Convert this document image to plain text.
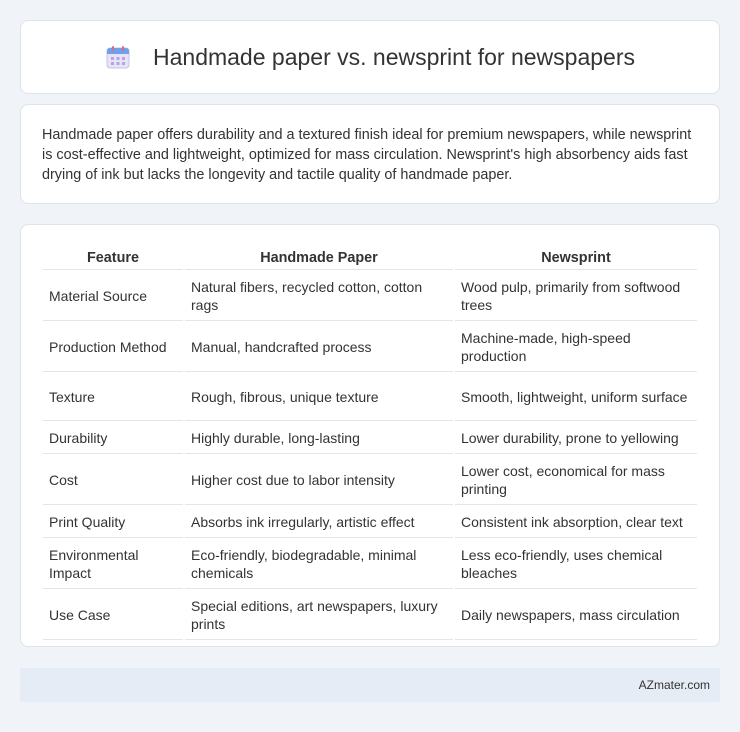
Handmade paper vs. newsprint for newspapers

Handmade paper offers durability and a textured finish ideal for premium newspapers, while newsprint is cost-effective and lightweight, optimized for mass circulation. Newsprint's high absorbency aids fast drying of ink but lacks the longevity and tactile quality of handmade paper.

Feature	Handmade Paper	Newsprint
Material Source	Natural fibers, recycled cotton, cotton rags	Wood pulp, primarily from softwood trees
Production Method	Manual, handcrafted process	Machine-made, high-speed production
Texture	Rough, fibrous, unique texture	Smooth, lightweight, uniform surface
Durability	Highly durable, long-lasting	Lower durability, prone to yellowing
Cost	Higher cost due to labor intensity	Lower cost, economical for mass printing
Print Quality	Absorbs ink irregularly, artistic effect	Consistent ink absorption, clear text
Environmental Impact	Eco-friendly, biodegradable, minimal chemicals	Less eco-friendly, uses chemical bleaches
Use Case	Special editions, art newspapers, luxury prints	Daily newspapers, mass circulation
AZmater.com
